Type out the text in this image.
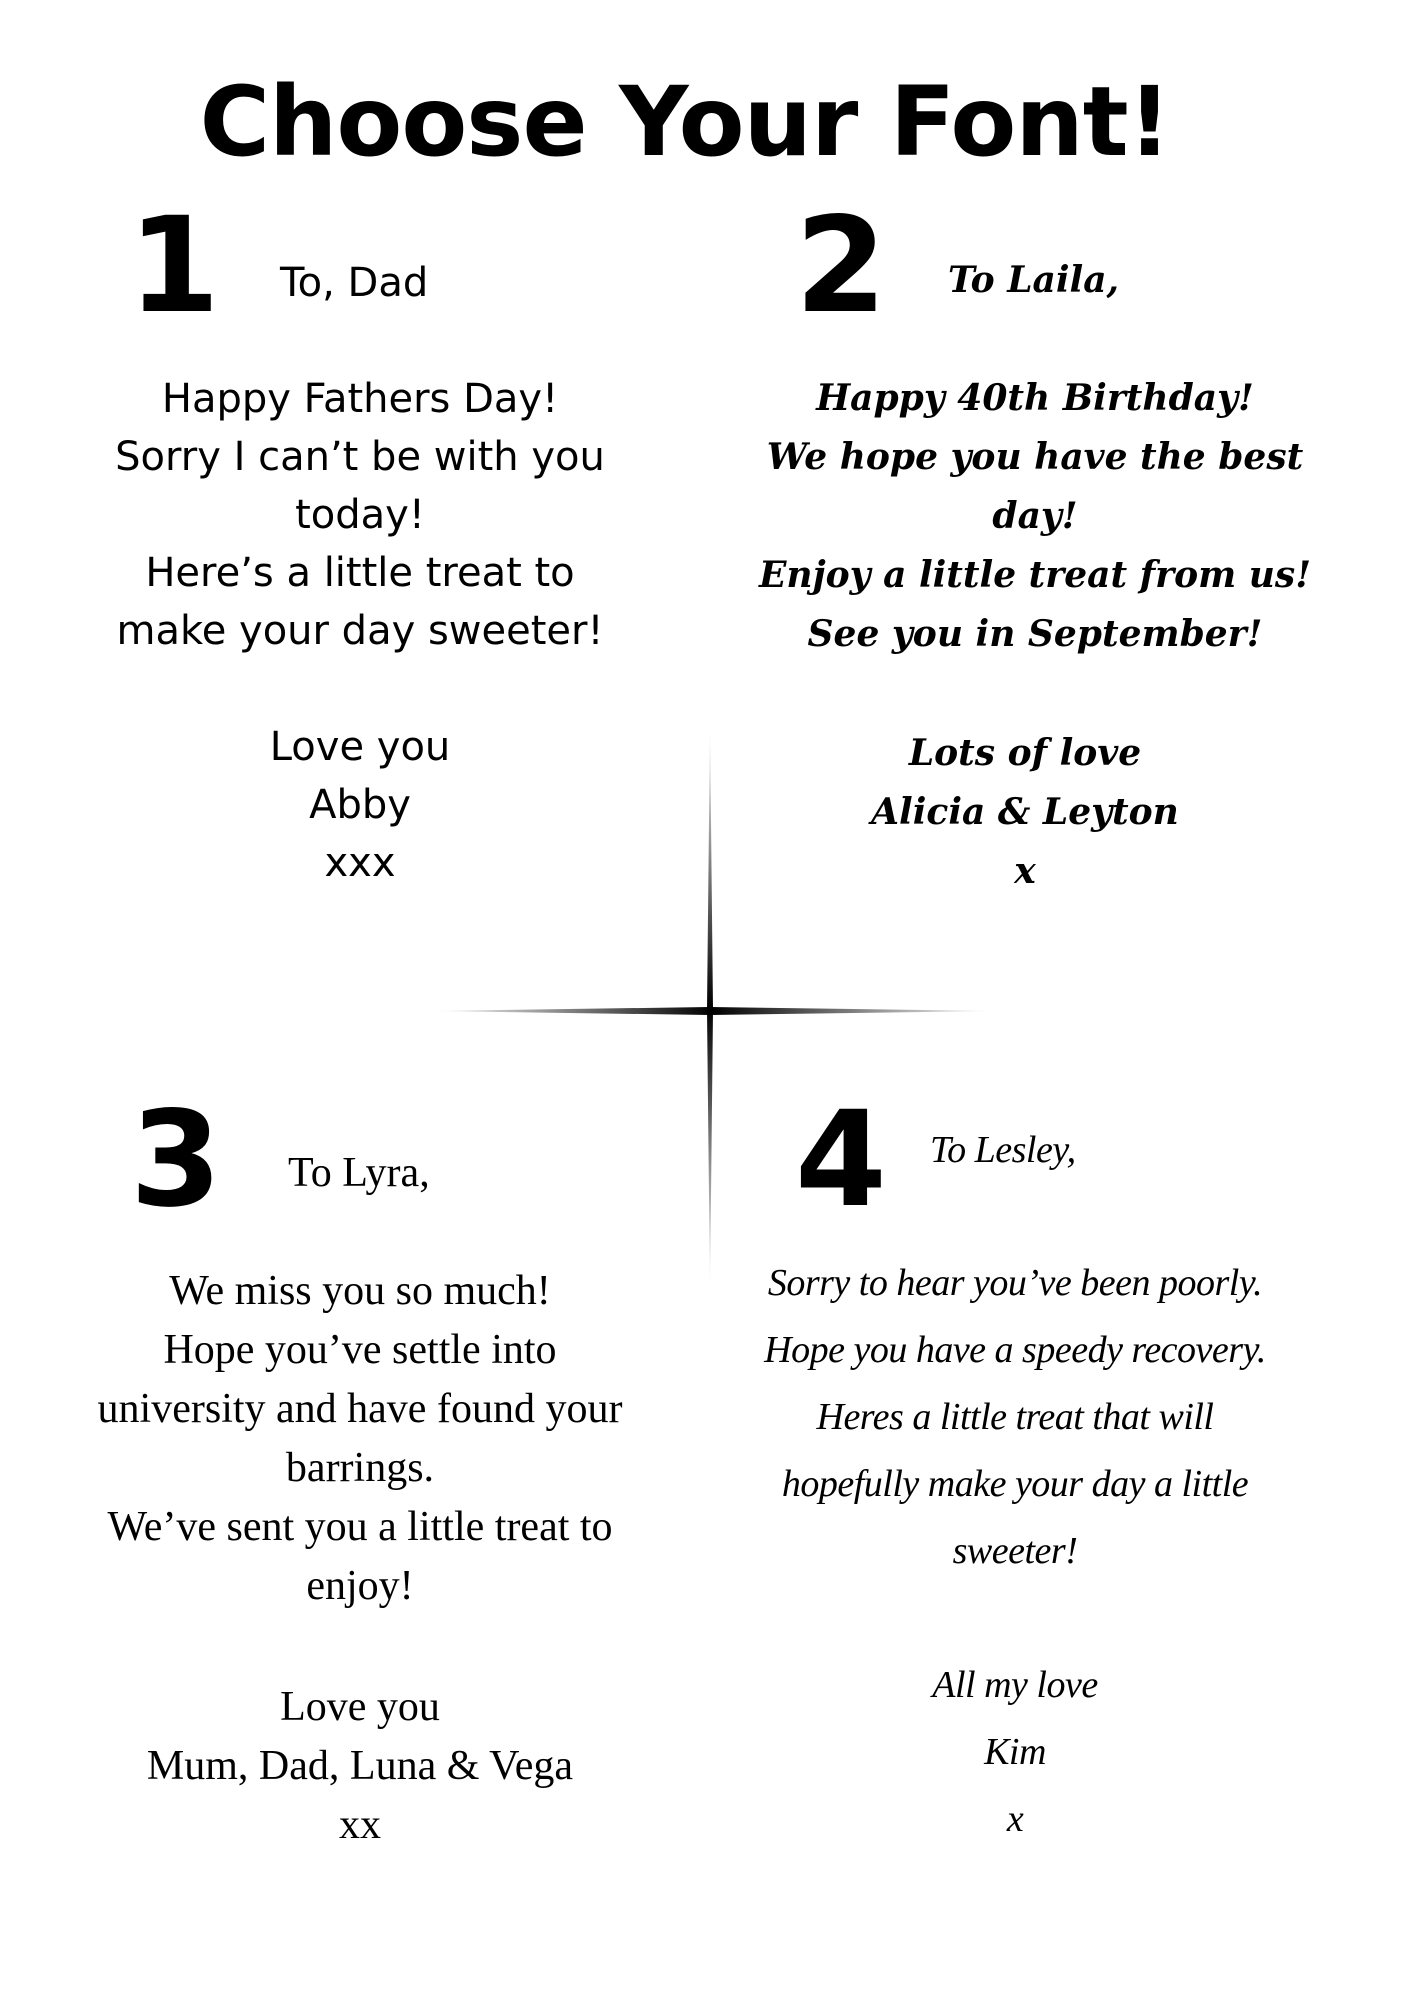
Choose Your Font!
1 To, Dad
Happy Fathers Day!
Sorry I can’t be with you
today!
Here’s a little treat to
make your day sweeter!
Love you
Abby
xxx
2 To Laila,
Happy 40th Birthday!
We hope you have the best
day!
Enjoy a little treat from us!
See you in September!
Lots of love
Alicia & Leyton
x
3 To Lyra,
We miss you so much!
Hope you’ve settle into
university and have found your
barrings.
We’ve sent you a little treat to
enjoy!
Love you
Mum, Dad, Luna & Vega
xx
4 To Lesley,
Sorry to hear you’ve been poorly.
Hope you have a speedy recovery.
Heres a little treat that will
hopefully make your day a little
sweeter!
All my love
Kim
x
